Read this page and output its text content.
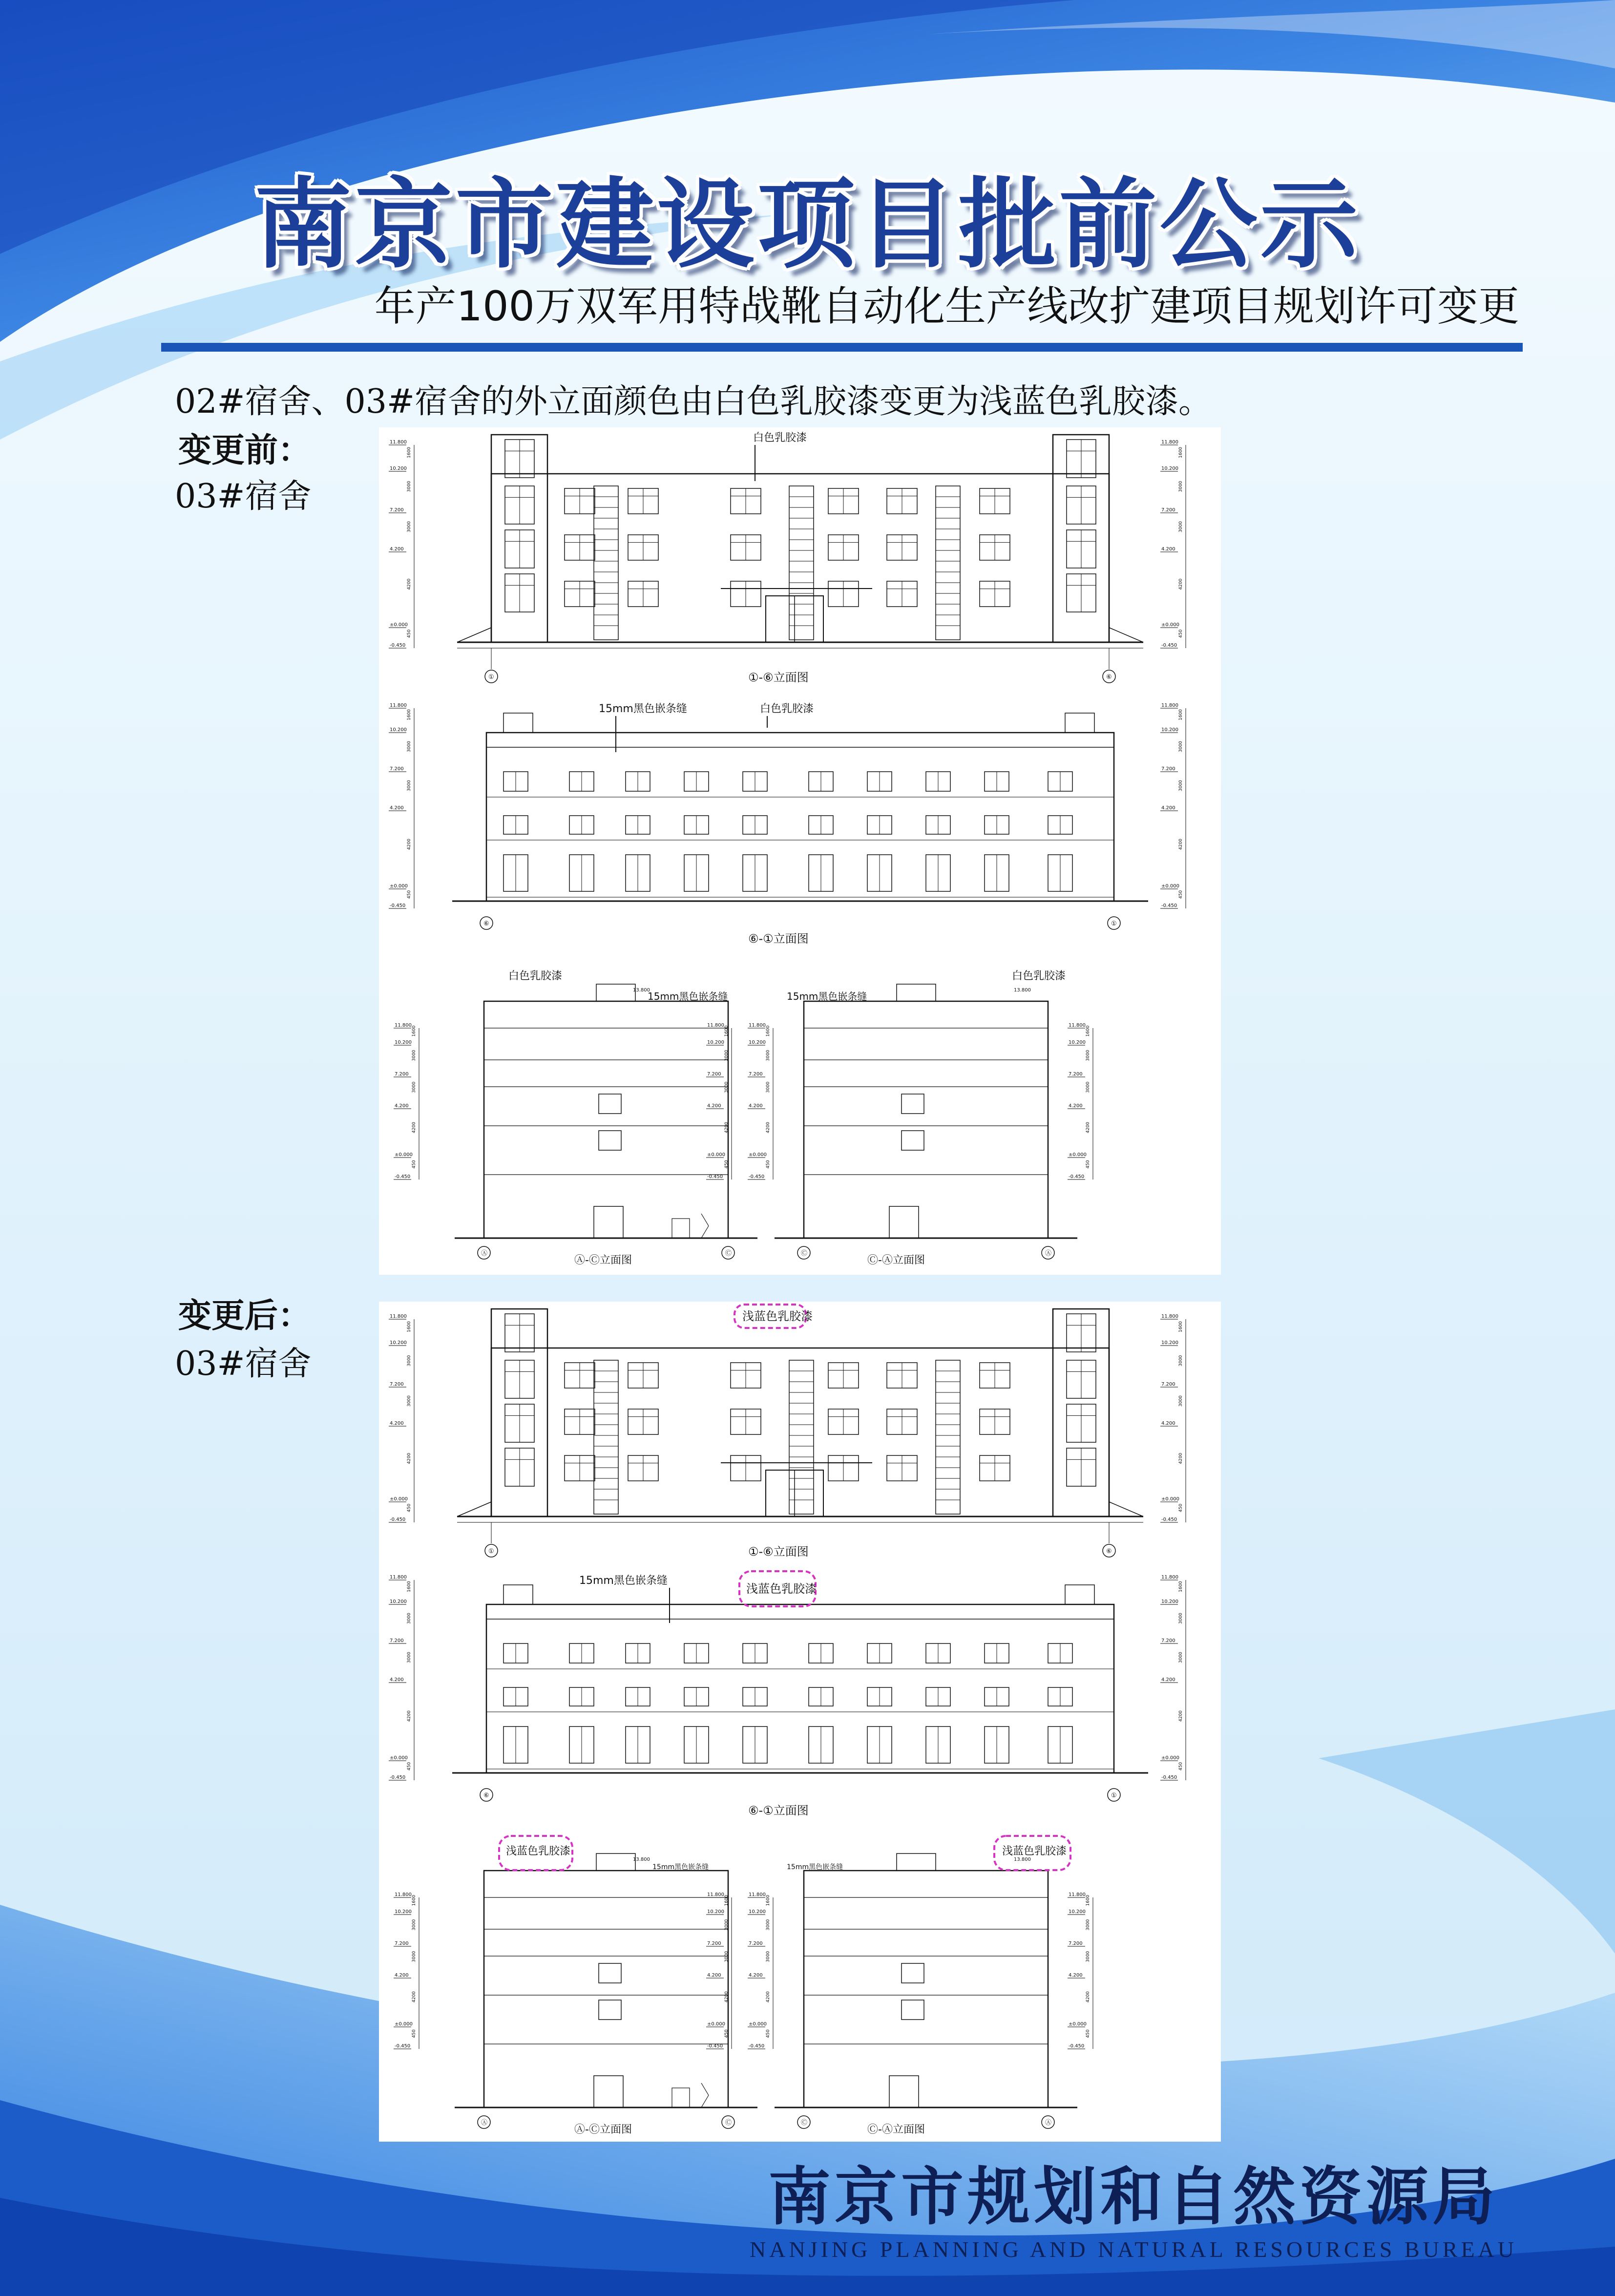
南京市建设项目批前公示
年产100万双军用特战靴自动化生产线改扩建项目规划许可变更
02#宿舍、03#宿舍的外立面颜色由白色乳胶漆变更为浅蓝色乳胶漆。
变更前：
03#宿舍
变更后：
03#宿舍
11.800
10.200
7.200
4.200
±0.000
-0.450
1600
3000
3000
4200
450
11.800
10.200
7.200
4.200
±0.000
-0.450
1600
3000
3000
4200
450
①	⑥
白色乳胶漆
①-⑥立面图
11.800
10.200
7.200
4.200
±0.000
-0.450
1600
3000
3000
4200
450
11.800
10.200
7.200
4.200
±0.000
-0.450
1600
3000
3000
4200
450
⑥	①
15mm黑色嵌条缝	白色乳胶漆
⑥-①立面图
11.800
10.200
7.200
4.200
±0.000
-0.450
1600
3000
3000
4200
450
11.800
10.200
7.200
4.200
±0.000
-0.450
1600
3000
3000
4200
450
13.800
Ⓐ	Ⓒ
白色乳胶漆
15mm黑色嵌条缝
Ⓐ-Ⓒ立面图
11.800
10.200
7.200
4.200
±0.000
-0.450
1600
3000
3000
4200
450
11.800
10.200
7.200
4.200
±0.000
-0.450
1600
3000
3000
4200
450
13.800
Ⓒ	Ⓐ
白色乳胶漆
15mm黑色嵌条缝
Ⓒ-Ⓐ立面图
11.800
10.200
7.200
4.200
±0.000
-0.450
1600
3000
3000
4200
450
11.800
10.200
7.200
4.200
±0.000
-0.450
1600
3000
3000
4200
450
①	⑥
浅蓝色乳胶漆
①-⑥立面图
11.800
10.200
7.200
4.200
±0.000
-0.450
1600
3000
3000
4200
450
11.800
10.200
7.200
4.200
±0.000
-0.450
1600
3000
3000
4200
450
⑥	①
15mm黑色嵌条缝
浅蓝色乳胶漆
⑥-①立面图
11.800
10.200
7.200
4.200
±0.000
-0.450
1600
3000
3000
4200
450
11.800
10.200
7.200
4.200
±0.000
-0.450
1600
3000
3000
4200
450
13.800
Ⓐ	Ⓒ
浅蓝色乳胶漆
15mm黑色嵌条缝
Ⓐ-Ⓒ立面图
11.800
10.200
7.200
4.200
±0.000
-0.450
1600
3000
3000
4200
450
11.800
10.200
7.200
4.200
±0.000
-0.450
1600
3000
3000
4200
450
13.800
Ⓒ	Ⓐ
浅蓝色乳胶漆
15mm黑色嵌条缝
Ⓒ-Ⓐ立面图
南京市规划和自然资源局
NANJING PLANNING AND NATURAL RESOURCES BUREAU
